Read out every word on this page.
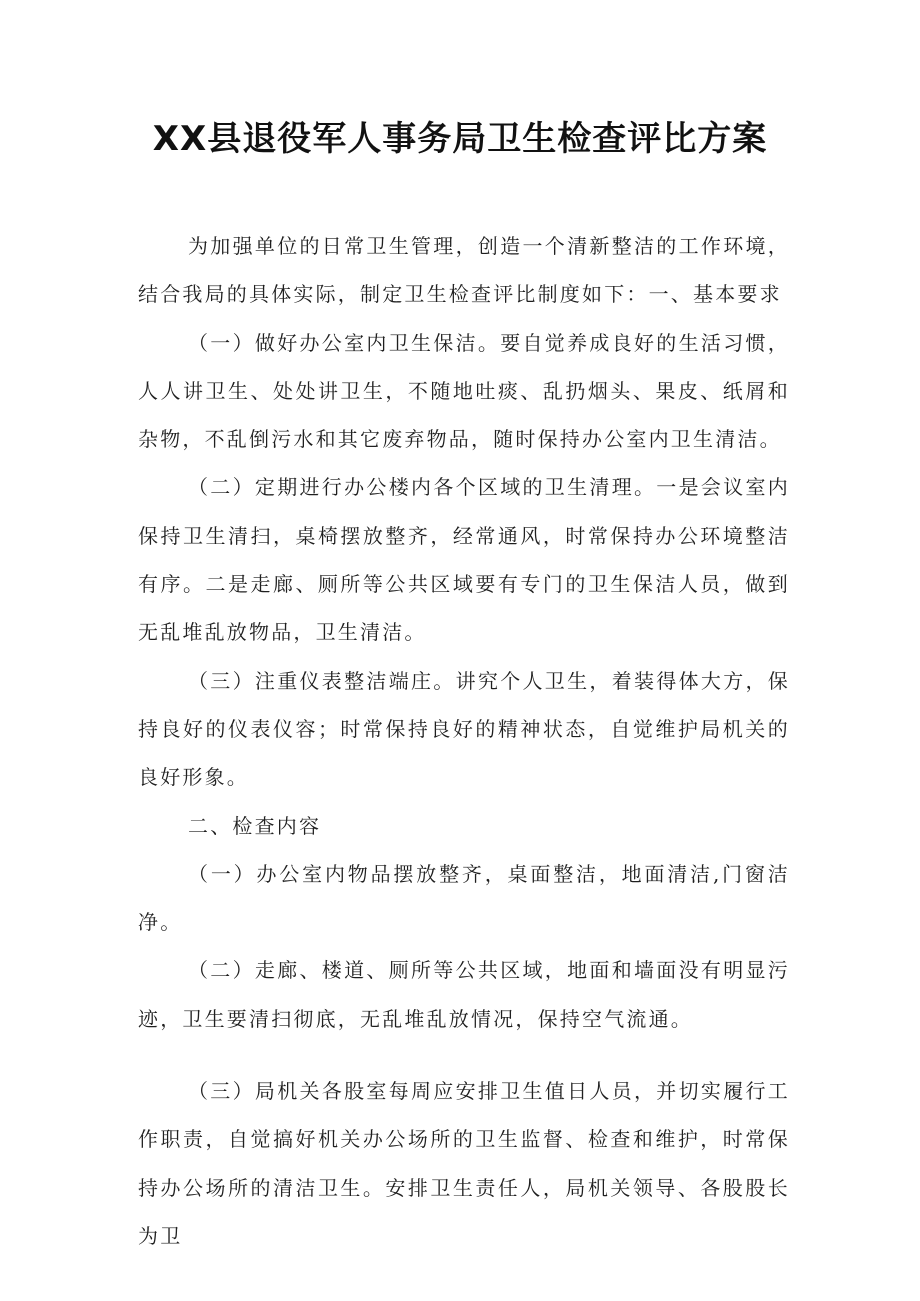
XX县退役军人事务局卫生检查评比方案

为加强单位的日常卫生管理，创造一个清新整洁的工作环境，结合我局的具体实际，制定卫生检查评比制度如下：一、基本要求

（一）做好办公室内卫生保洁。要自觉养成良好的生活习惯，人人讲卫生、处处讲卫生，不随地吐痰、乱扔烟头、果皮、纸屑和杂物，不乱倒污水和其它废弃物品，随时保持办公室内卫生清洁。

（二）定期进行办公楼内各个区域的卫生清理。一是会议室内保持卫生清扫，桌椅摆放整齐，经常通风，时常保持办公环境整洁有序。二是走廊、厕所等公共区域要有专门的卫生保洁人员，做到无乱堆乱放物品，卫生清洁。

（三）注重仪表整洁端庄。讲究个人卫生，着装得体大方，保持良好的仪表仪容；时常保持良好的精神状态，自觉维护局机关的良好形象。

二、检查内容

（一）办公室内物品摆放整齐，桌面整洁，地面清洁,门窗洁净。

（二）走廊、楼道、厕所等公共区域，地面和墙面没有明显污迹，卫生要清扫彻底，无乱堆乱放情况，保持空气流通。

（三）局机关各股室每周应安排卫生值日人员，并切实履行工作职责，自觉搞好机关办公场所的卫生监督、检查和维护，时常保持办公场所的清洁卫生。安排卫生责任人，局机关领导、各股股长为卫
